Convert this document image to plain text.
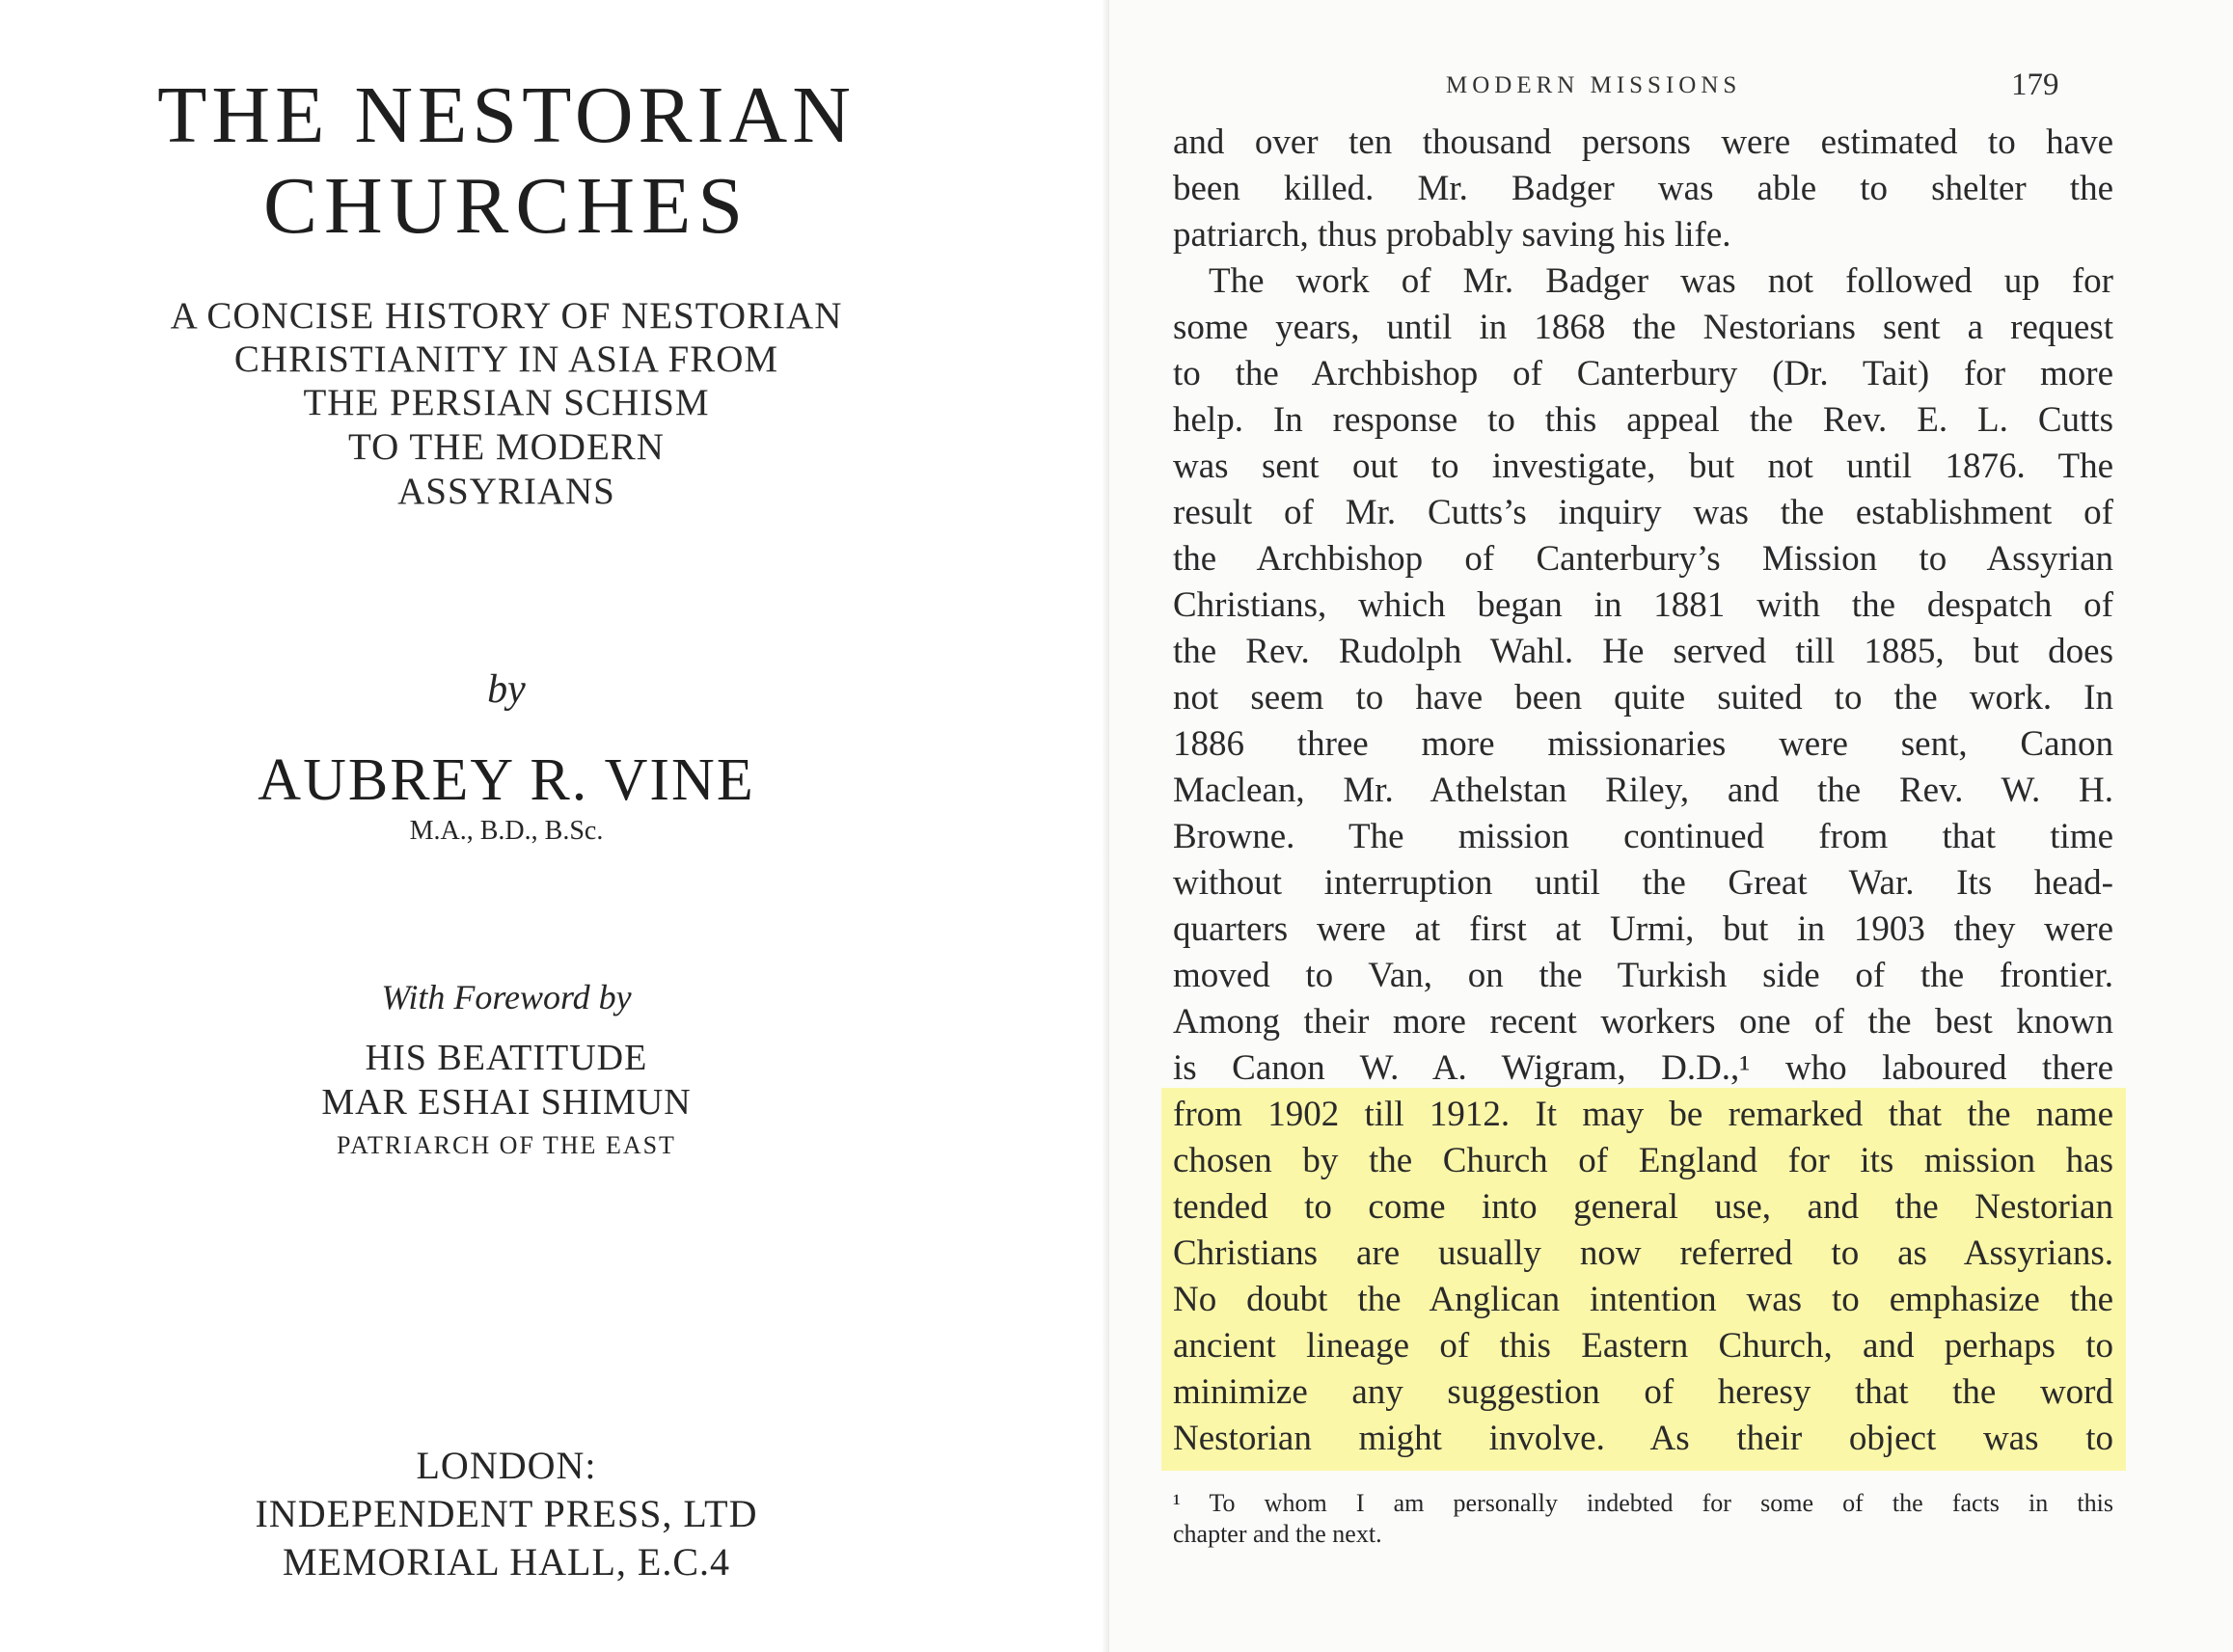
THE NESTORIAN
CHURCHES
A CONCISE HISTORY OF NESTORIAN
CHRISTIANITY IN ASIA FROM
THE PERSIAN SCHISM
TO THE MODERN
ASSYRIANS
by
AUBREY R. VINE
M.A., B.D., B.Sc.
With Foreword by
HIS BEATITUDE
MAR ESHAI SHIMUN
PATRIARCH OF THE EAST
LONDON:
INDEPENDENT PRESS, LTD
MEMORIAL HALL, E.C.4
MODERN MISSIONS	179
and over ten thousand persons were estimated to have
been killed. Mr. Badger was able to shelter the
patriarch, thus probably saving his life.
The work of Mr. Badger was not followed up for
some years, until in 1868 the Nestorians sent a request
to the Archbishop of Canterbury (Dr. Tait) for more
help. In response to this appeal the Rev. E. L. Cutts
was sent out to investigate, but not until 1876. The
result of Mr. Cutts’s inquiry was the establishment of
the Archbishop of Canterbury’s Mission to Assyrian
Christians, which began in 1881 with the despatch of
the Rev. Rudolph Wahl. He served till 1885, but does
not seem to have been quite suited to the work. In
1886 three more missionaries were sent, Canon
Maclean, Mr. Athelstan Riley, and the Rev. W. H.
Browne. The mission continued from that time
without interruption until the Great War. Its head-
quarters were at first at Urmi, but in 1903 they were
moved to Van, on the Turkish side of the frontier.
Among their more recent workers one of the best known
is Canon W. A. Wigram, D.D.,¹ who laboured there
from 1902 till 1912. It may be remarked that the name
chosen by the Church of England for its mission has
tended to come into general use, and the Nestorian
Christians are usually now referred to as Assyrians.
No doubt the Anglican intention was to emphasize the
ancient lineage of this Eastern Church, and perhaps to
minimize any suggestion of heresy that the word
Nestorian might involve. As their object was to
¹ To whom I am personally indebted for some of the facts in this
chapter and the next.
